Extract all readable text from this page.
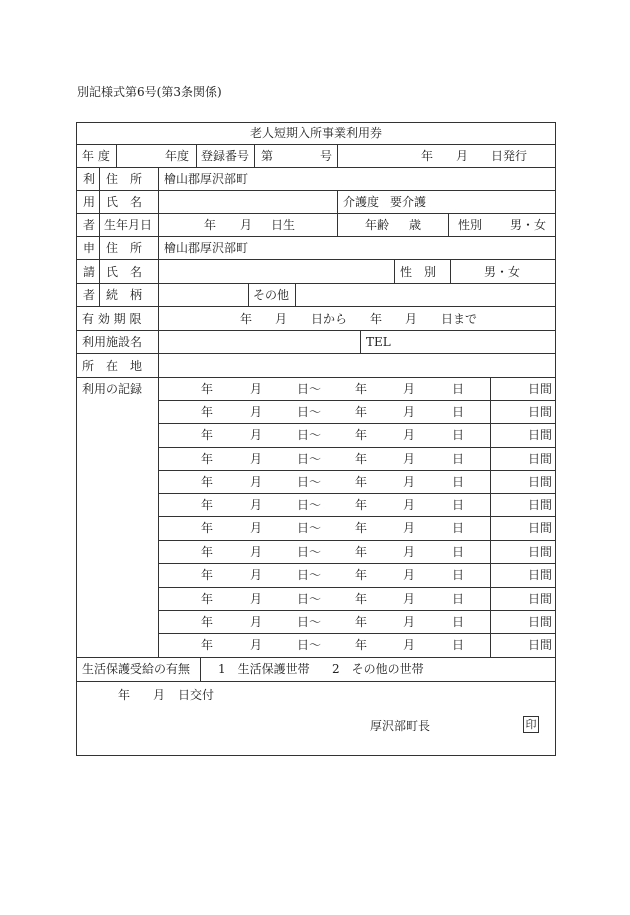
別記様式第6号(第3条関係)
老人短期入所事業利用券
年 度	年度 登録番号 第	号	年 月 日発行
利
用
者
住　所 檜山郡厚沢部町
氏　名	介護度 要介護
生年月日	年 月 日生	年齢 歳	性別 男・女
申
請
者
住　所 檜山郡厚沢部町
氏　名	性　別	男・女
続　柄	その他
有 効 期 限	年 月 日から 年 月 日まで
利用施設名	TEL
所　在　地
利用の記録	年	月	日〜	年	月	日	日間
年	月	日〜	年	月	日	日間
年	月	日〜	年	月	日	日間
年	月	日〜	年	月	日	日間
年	月	日〜	年	月	日	日間
年	月	日〜	年	月	日	日間
年	月	日〜	年	月	日	日間
年	月	日〜	年	月	日	日間
年	月	日〜	年	月	日	日間
年	月	日〜	年	月	日	日間
年	月	日〜	年	月	日	日間
年	月	日〜	年	月	日	日間
生活保護受給の有無 1　生活保護世帯 2　その他の世帯
年 月 日交付
厚沢部町長	印
